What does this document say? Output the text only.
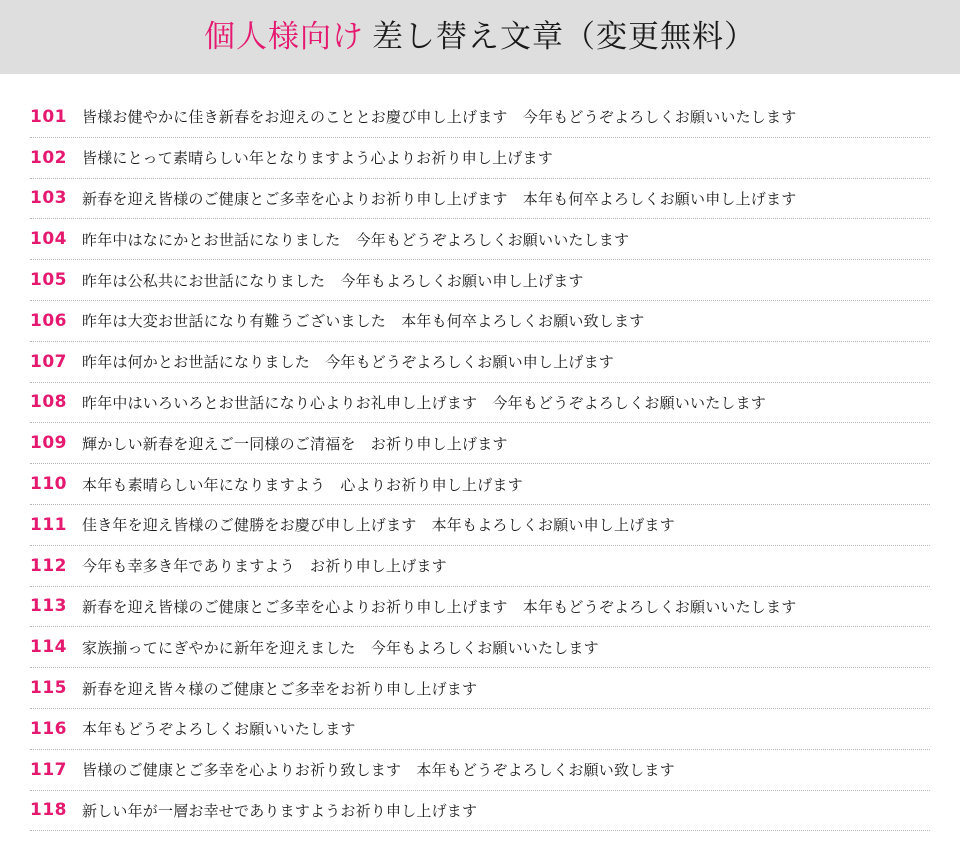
個人様向け 差し替え文章（変更無料）
101	皆様お健やかに佳き新春をお迎えのこととお慶び申し上げます　今年もどうぞよろしくお願いいたします
102	皆様にとって素晴らしい年となりますよう心よりお祈り申し上げます
103	新春を迎え皆様のご健康とご多幸を心よりお祈り申し上げます　本年も何卒よろしくお願い申し上げます
104	昨年中はなにかとお世話になりました　今年もどうぞよろしくお願いいたします
105	昨年は公私共にお世話になりました　今年もよろしくお願い申し上げます
106	昨年は大変お世話になり有難うございました　本年も何卒よろしくお願い致します
107	昨年は何かとお世話になりました　今年もどうぞよろしくお願い申し上げます
108	昨年中はいろいろとお世話になり心よりお礼申し上げます　今年もどうぞよろしくお願いいたします
109	輝かしい新春を迎えご一同様のご清福を　お祈り申し上げます
110	本年も素晴らしい年になりますよう　心よりお祈り申し上げます
111	佳き年を迎え皆様のご健勝をお慶び申し上げます　本年もよろしくお願い申し上げます
112	今年も幸多き年でありますよう　お祈り申し上げます
113	新春を迎え皆様のご健康とご多幸を心よりお祈り申し上げます　本年もどうぞよろしくお願いいたします
114	家族揃ってにぎやかに新年を迎えました　今年もよろしくお願いいたします
115	新春を迎え皆々様のご健康とご多幸をお祈り申し上げます
116	本年もどうぞよろしくお願いいたします
117	皆様のご健康とご多幸を心よりお祈り致します　本年もどうぞよろしくお願い致します
118	新しい年が一層お幸せでありますようお祈り申し上げます
